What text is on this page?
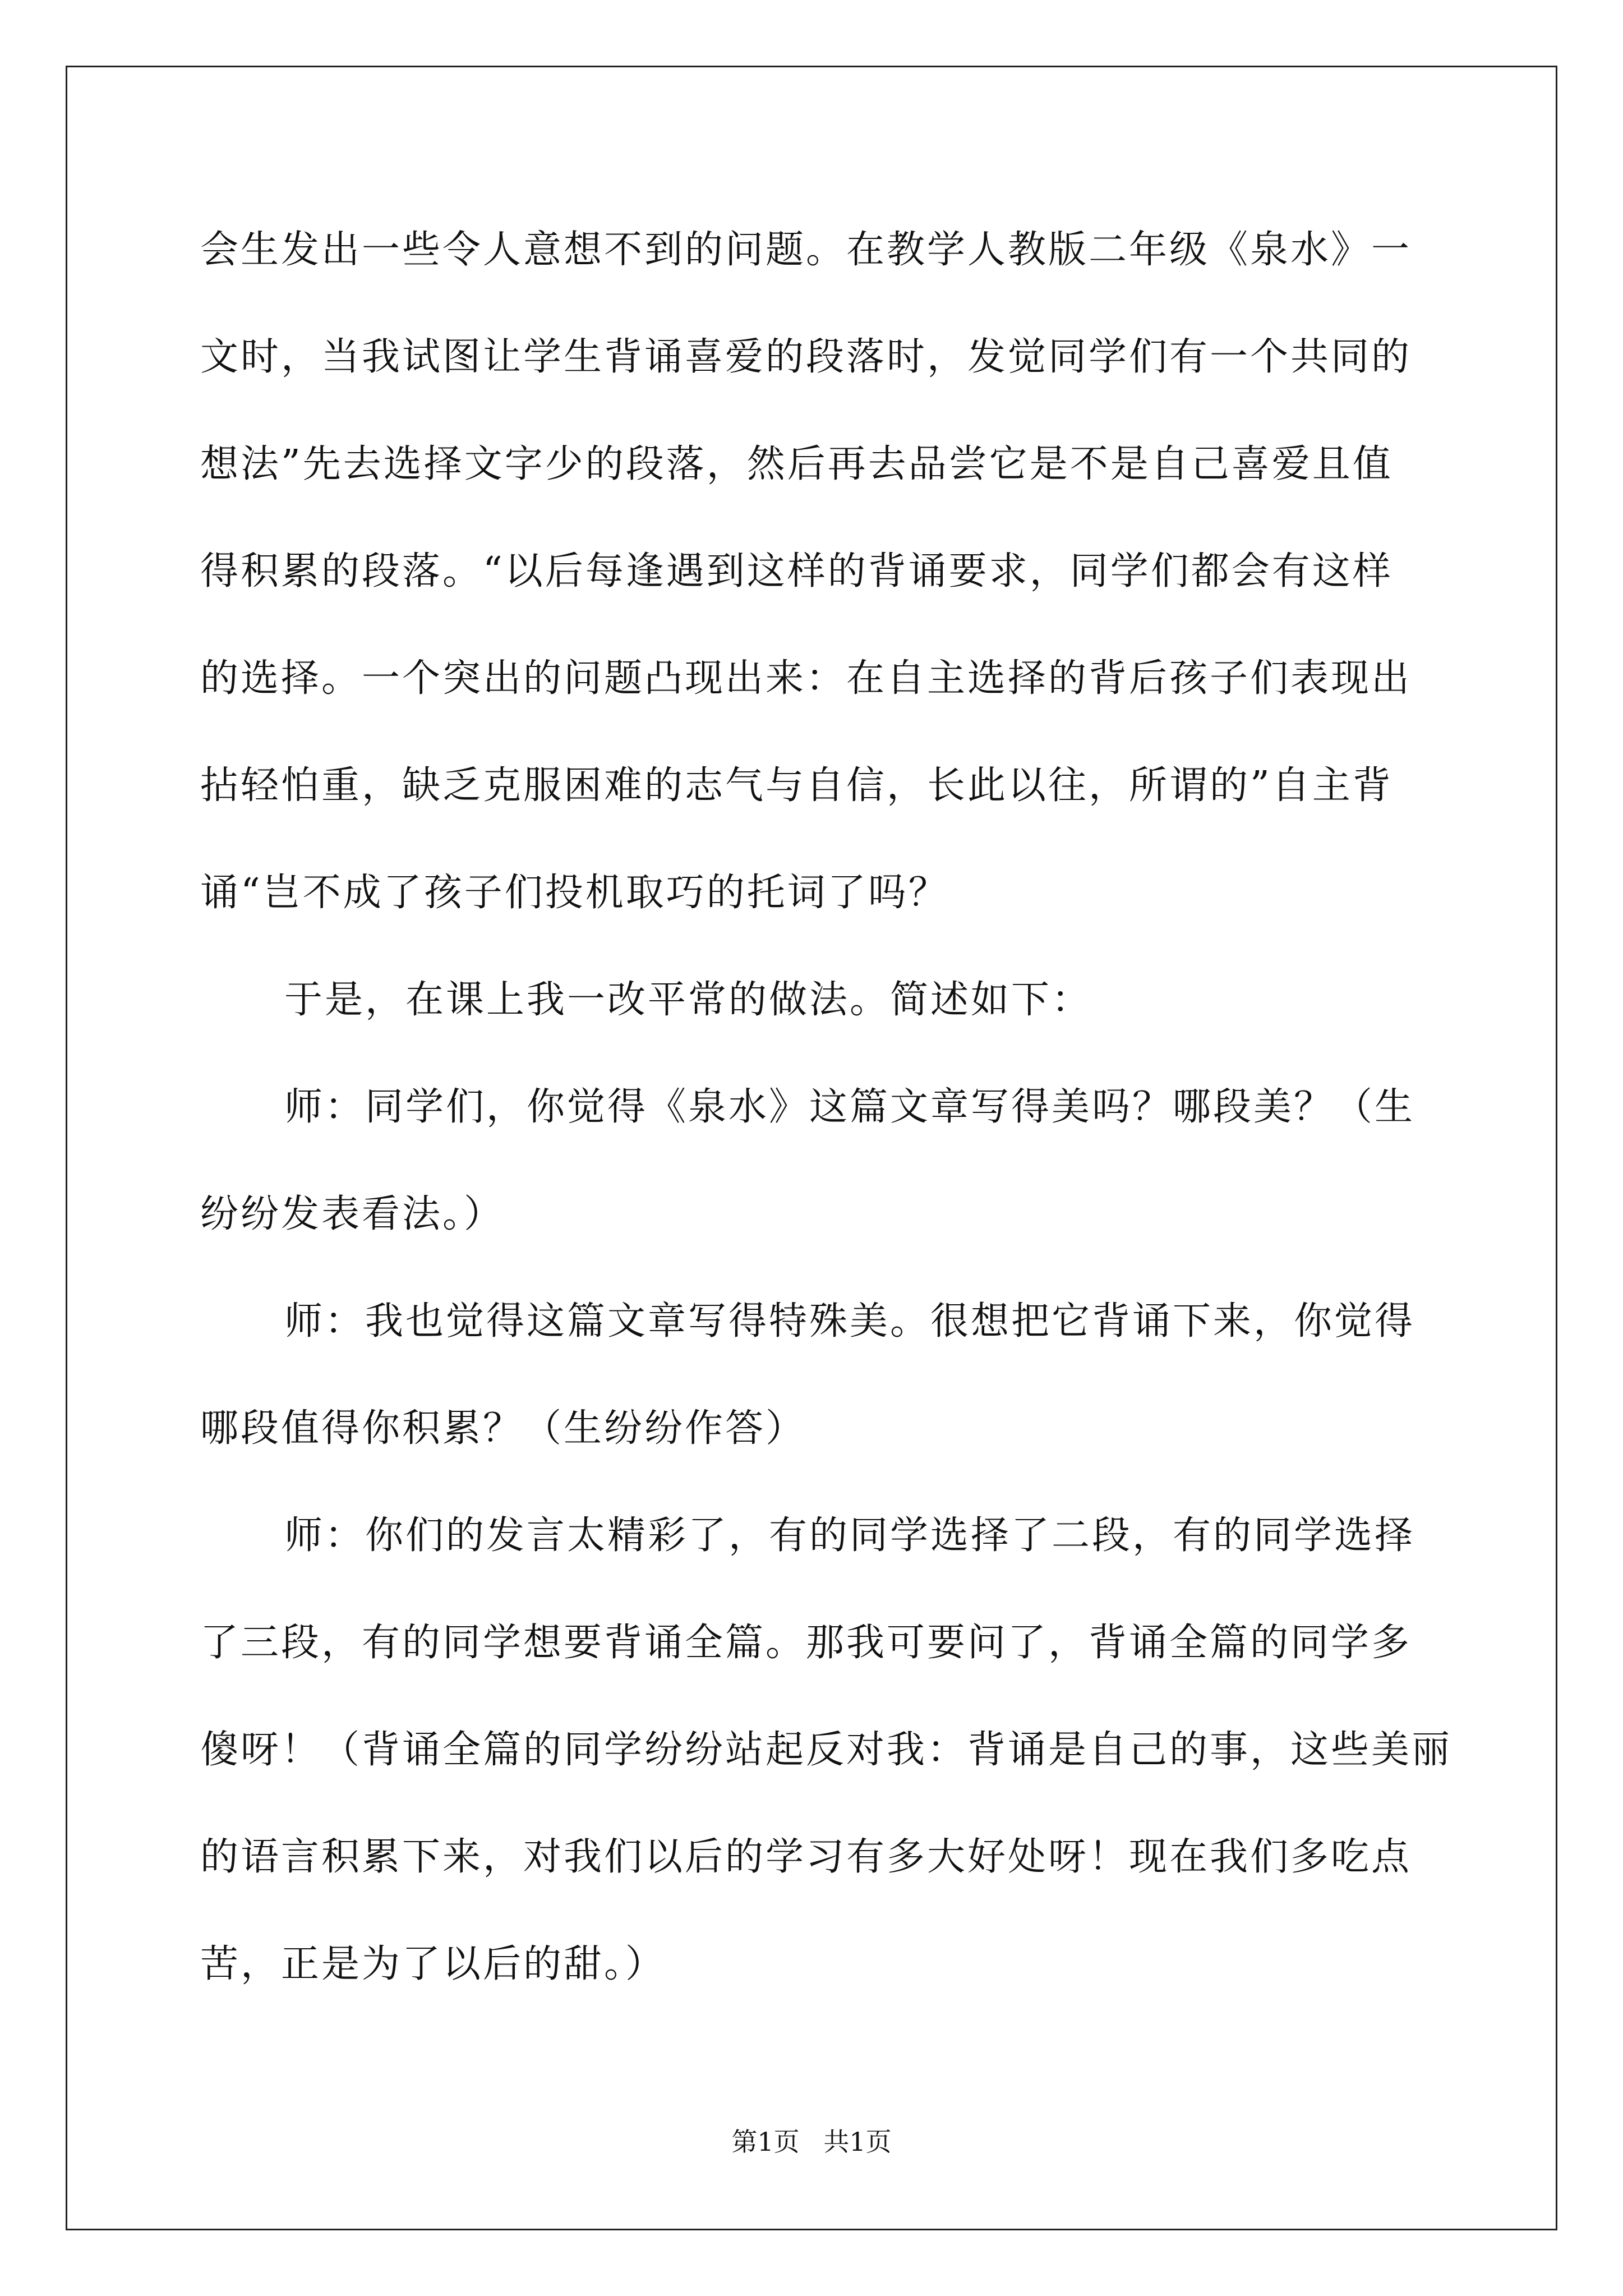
会生发出一些令人意想不到的问题。在教学人教版二年级《泉水》一
文时，当我试图让学生背诵喜爱的段落时，发觉同学们有一个共同的
想法”先去选择文字少的段落，然后再去品尝它是不是自己喜爱且值
得积累的段落。“以后每逢遇到这样的背诵要求，同学们都会有这样
的选择。一个突出的问题凸现出来：在自主选择的背后孩子们表现出
拈轻怕重，缺乏克服困难的志气与自信，长此以往，所谓的”自主背
诵“岂不成了孩子们投机取巧的托词了吗？
于是，在课上我一改平常的做法。简述如下：
师：同学们，你觉得《泉水》这篇文章写得美吗？哪段美？（生
纷纷发表看法。）
师：我也觉得这篇文章写得特殊美。很想把它背诵下来，你觉得
哪段值得你积累？（生纷纷作答）
师：你们的发言太精彩了，有的同学选择了二段，有的同学选择
了三段，有的同学想要背诵全篇。那我可要问了，背诵全篇的同学多
傻呀！（背诵全篇的同学纷纷站起反对我：背诵是自己的事，这些美丽
的语言积累下来，对我们以后的学习有多大好处呀！现在我们多吃点
苦，正是为了以后的甜。）
第1页 共1页
